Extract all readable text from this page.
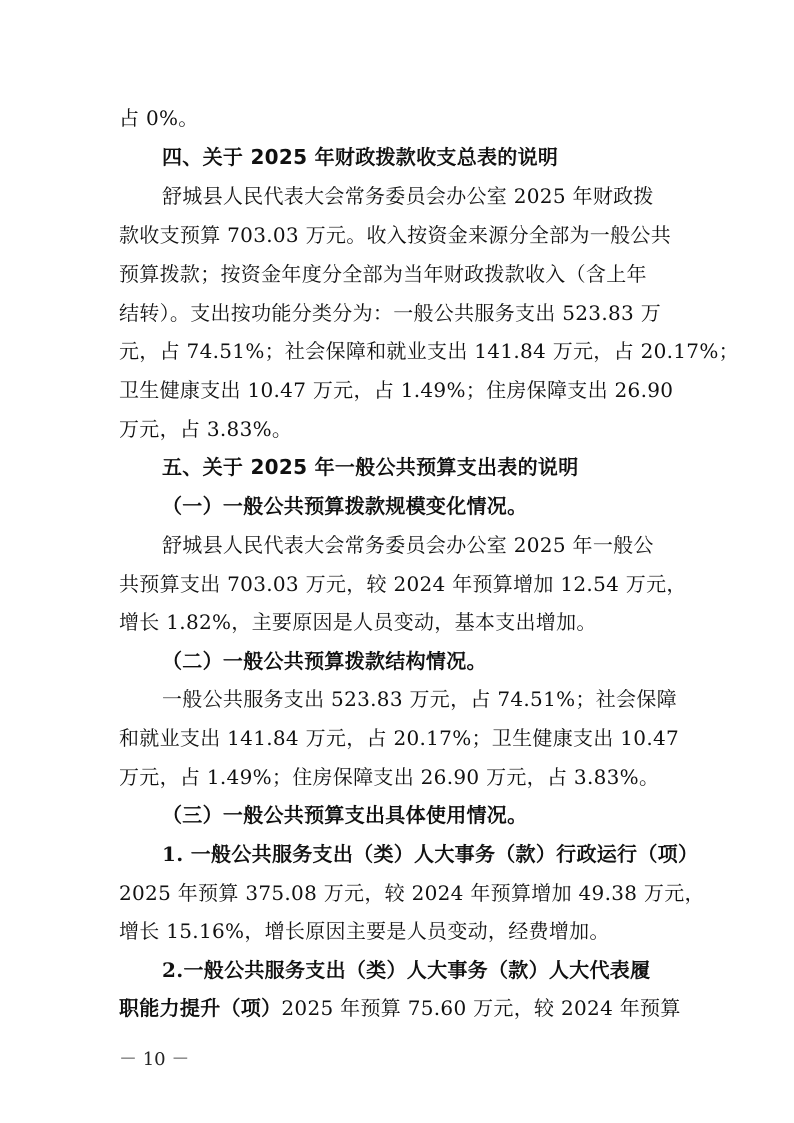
占 0%。
四、关于 2025 年财政拨款收支总表的说明
舒城县人民代表大会常务委员会办公室 2025 年财政拨
款收支预算 703.03 万元。收入按资金来源分全部为一般公共
预算拨款；按资金年度分全部为当年财政拨款收入（含上年
结转）。支出按功能分类分为：一般公共服务支出 523.83 万
元，占 74.51%；社会保障和就业支出 141.84 万元，占 20.17%；
卫生健康支出 10.47 万元，占 1.49%；住房保障支出 26.90
万元，占 3.83%。
五、关于 2025 年一般公共预算支出表的说明
（一）一般公共预算拨款规模变化情况。
舒城县人民代表大会常务委员会办公室 2025 年一般公
共预算支出 703.03 万元，较 2024 年预算增加 12.54 万元，
增长 1.82%，主要原因是人员变动，基本支出增加。
（二）一般公共预算拨款结构情况。
一般公共服务支出 523.83 万元，占 74.51%；社会保障
和就业支出 141.84 万元，占 20.17%；卫生健康支出 10.47
万元，占 1.49%；住房保障支出 26.90 万元，占 3.83%。
（三）一般公共预算支出具体使用情况。
1. 一般公共服务支出（类）人大事务（款）行政运行（项）
2025 年预算 375.08 万元，较 2024 年预算增加 49.38 万元，
增长 15.16%，增长原因主要是人员变动，经费增加。
2.一般公共服务支出（类）人大事务（款）人大代表履
职能力提升（项）2025 年预算 75.60 万元，较 2024 年预算
－ 10 －
